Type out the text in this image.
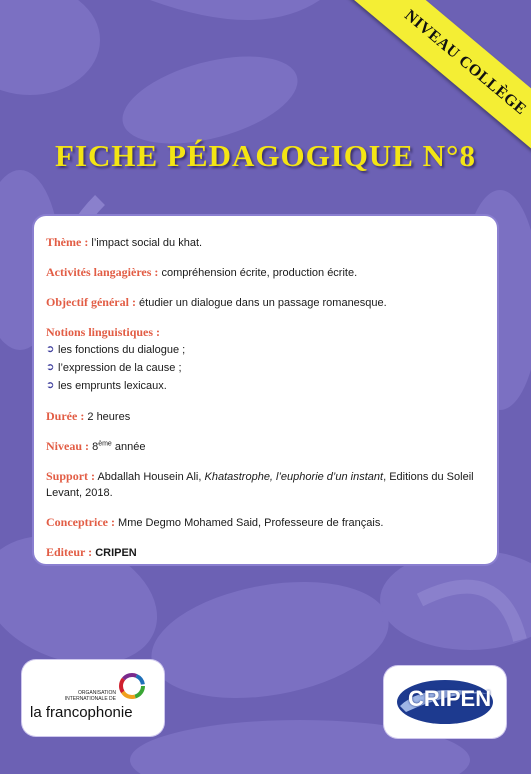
NIVEAU COLLÈGE
FICHE PÉDAGOGIQUE N°8

Thème : l’impact social du khat.

Activités langagières : compréhension écrite, production écrite.

Objectif général : étudier un dialogue dans un passage romanesque.

Notions linguistiques :

➲ les fonctions du dialogue ;
➲ l’expression de la cause ;
➲ les emprunts lexicaux.

Durée : 2 heures

Niveau : 8ème année

Support : Abdallah Housein Ali, Khatastrophe, l’euphorie d’un instant, Editions du Soleil Levant, 2018.

Conceptrice : Mme Degmo Mohamed Said, Professeure de français.

Editeur : CRIPEN

ORGANISATION
INTERNATIONALE DE
la francophonie
CRIPEN
